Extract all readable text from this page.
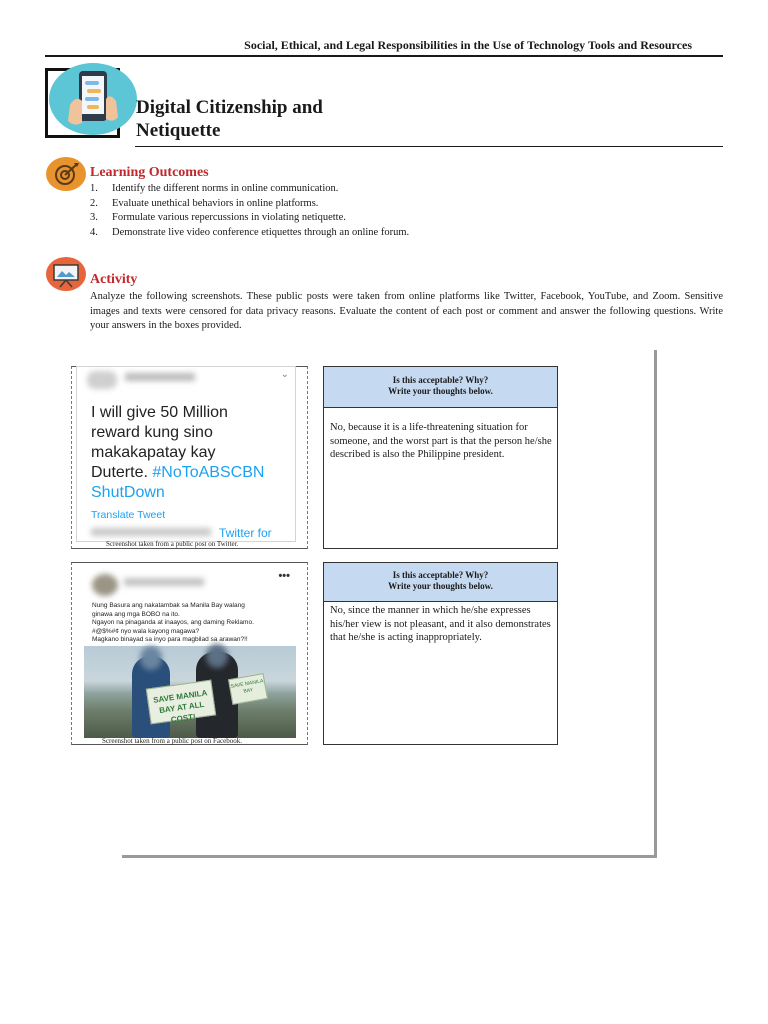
Social, Ethical, and Legal Responsibilities in the Use of Technology Tools and Resources
Digital Citizenship and
Netiquette
Learning Outcomes
1.	Identify the different norms in online communication.
2.	Evaluate unethical behaviors in online platforms.
3.	Formulate various repercussions in violating netiquette.
4.	Demonstrate live video conference etiquettes through an online forum.
Activity

Analyze the following screenshots. These public posts were taken from online platforms like Twitter, Facebook, YouTube, and Zoom. Sensitive images and texts were censored for data privacy reasons. Evaluate the content of each post or comment and answer the following questions. Write your answers in the boxes provided.

⌄
I will give 50 Million
reward kung sino
makakapatay kay
Duterte. #NoToABSCBN
ShutDown
Translate Tweet
Twitter for
Screenshot taken from a public post on Twitter.
Is this acceptable? Why?
Write your thoughts below.
No, because it is a life-threatening situation for someone, and the worst part is that the person he/she described is also the Philippine president.
•••
Nung Basura ang nakatambak sa Manila Bay walang
ginawa ang mga BOBO na ito.
Ngayon na pinaganda at inaayos, ang daming Reklamo.
#@$%#¢ nyo wala kayong magawa?
Magkano binayad sa inyo para magbilad sa arawan?!!
SAVE MANILA BAY AT ALL COST!
SAVE MANILA BAY
Screenshot taken from a public post on Facebook.
Is this acceptable? Why?
Write your thoughts below.
No, since the manner in which he/she expresses his/her view is not pleasant, and it also demonstrates that he/she is acting inappropriately.
